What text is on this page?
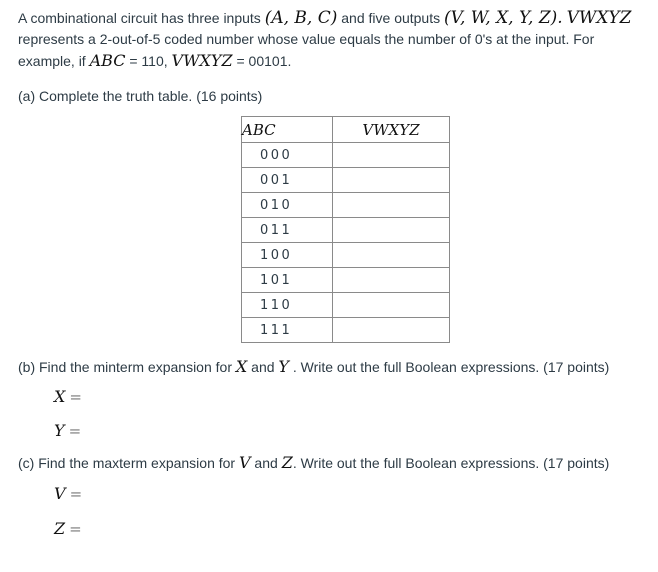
A combinational circuit has three inputs (A, B, C) and five outputs (V, W, X, Y, Z). VWXYZ represents a 2-out-of-5 coded number whose value equals the number of 0's at the input. For example, if ABC = 110, VWXYZ = 00101.
(a) Complete the truth table. (16 points)
ABC	VWXYZ
000	
001	
010	
011	
100	
101	
110	
111	
(b) Find the minterm expansion for X and Y . Write out the full Boolean expressions. (17 points)
X =
Y =
(c) Find the maxterm expansion for V and Z. Write out the full Boolean expressions. (17 points)
V =
Z =
